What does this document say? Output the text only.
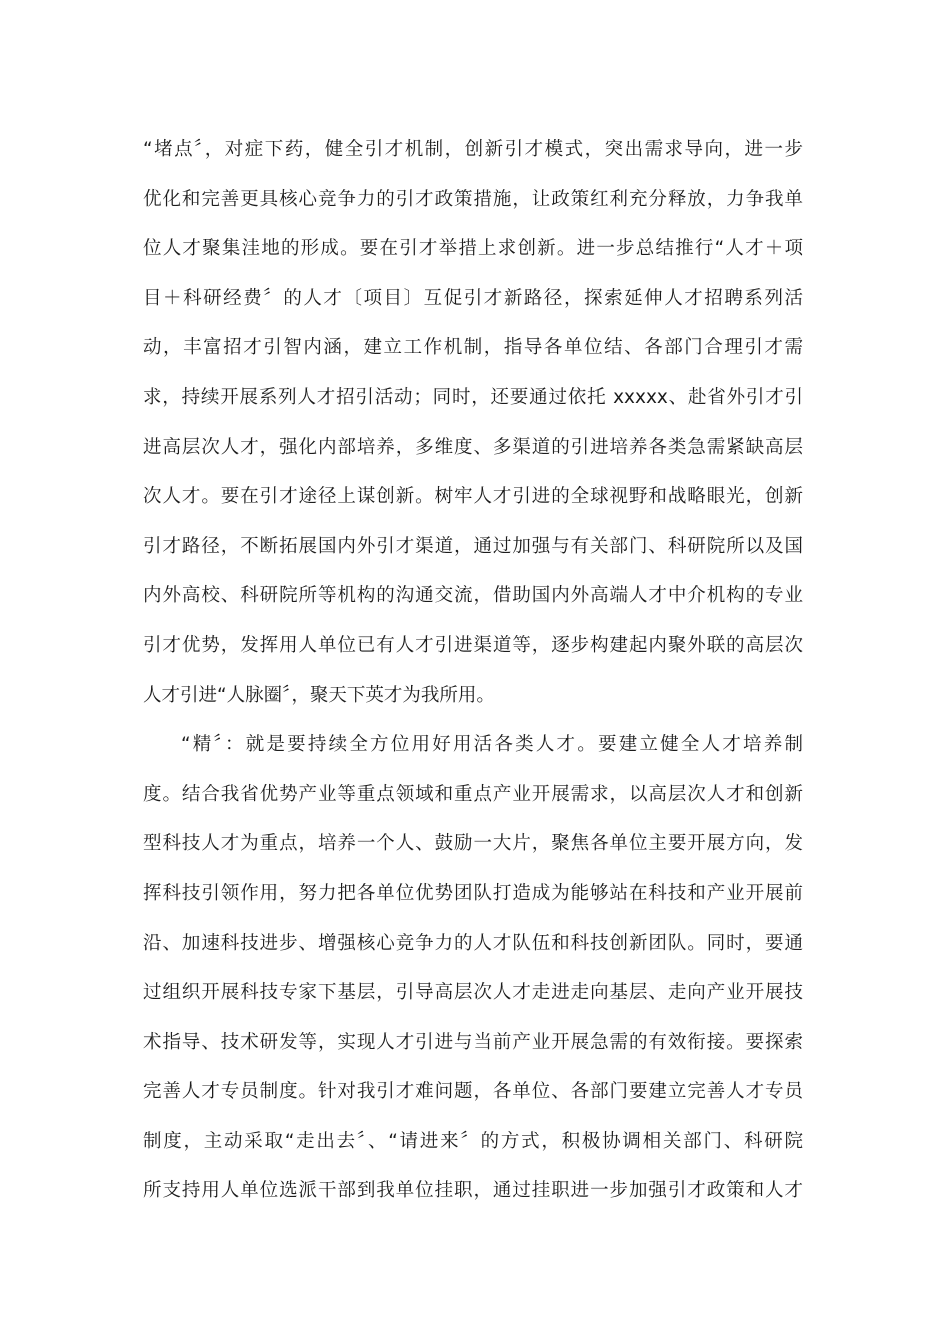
“堵点〞，对症下药，健全引才机制，创新引才模式，突出需求导向，进一步
优化和完善更具核心竞争力的引才政策措施，让政策红利充分释放，力争我单
位人才聚集洼地的形成。要在引才举措上求创新。进一步总结推行“人才＋项
目＋科研经费〞的人才〔项目〕互促引才新路径，探索延伸人才招聘系列活
动，丰富招才引智内涵，建立工作机制，指导各单位结、各部门合理引才需
求，持续开展系列人才招引活动；同时，还要通过依托 xxxxx、赴省外引才引
进高层次人才，强化内部培养，多维度、多渠道的引进培养各类急需紧缺高层
次人才。要在引才途径上谋创新。树牢人才引进的全球视野和战略眼光，创新
引才路径，不断拓展国内外引才渠道，通过加强与有关部门、科研院所以及国
内外高校、科研院所等机构的沟通交流，借助国内外高端人才中介机构的专业
引才优势，发挥用人单位已有人才引进渠道等，逐步构建起内聚外联的高层次
人才引进“人脉圈〞，聚天下英才为我所用。
“精〞：就是要持续全方位用好用活各类人才。要建立健全人才培养制
度。结合我省优势产业等重点领域和重点产业开展需求，以高层次人才和创新
型科技人才为重点，培养一个人、鼓励一大片，聚焦各单位主要开展方向，发
挥科技引领作用，努力把各单位优势团队打造成为能够站在科技和产业开展前
沿、加速科技进步、增强核心竞争力的人才队伍和科技创新团队。同时，要通
过组织开展科技专家下基层，引导高层次人才走进走向基层、走向产业开展技
术指导、技术研发等，实现人才引进与当前产业开展急需的有效衔接。要探索
完善人才专员制度。针对我引才难问题，各单位、各部门要建立完善人才专员
制度，主动采取“走出去〞、“请进来〞的方式，积极协调相关部门、科研院
所支持用人单位选派干部到我单位挂职，通过挂职进一步加强引才政策和人才
